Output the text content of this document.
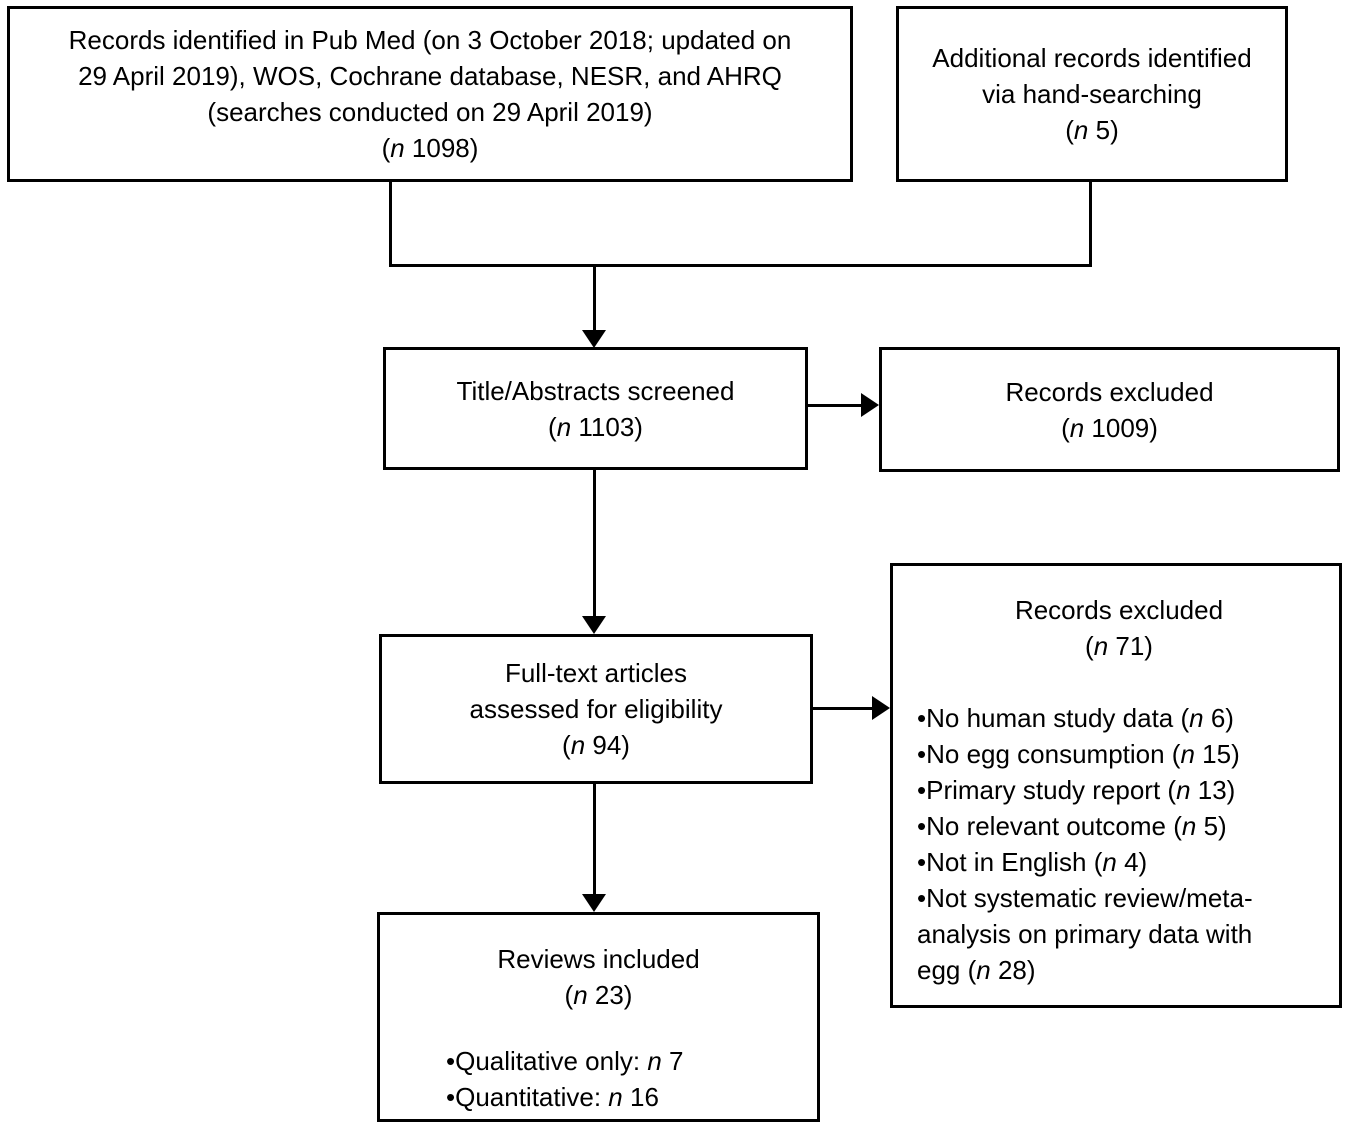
Records identified in Pub Med (on 3 October 2018; updated on
29 April 2019), WOS, Cochrane database, NESR, and AHRQ
(searches conducted on 29 April 2019)
(n 1098)
Additional records identified
via hand-searching
(n 5)
Title/Abstracts screened
(n 1103)
Records excluded
(n 1009)
Full-text articles
assessed for eligibility
(n 94)
Records excluded
(n 71)
•No human study data (n 6)
•No egg consumption (n 15)
•Primary study report (n 13)
•No relevant outcome (n 5)
•Not in English (n 4)
•Not systematic review/meta-
analysis on primary data with
egg (n 28)
Reviews included
(n 23)
•Qualitative only: n 7
•Quantitative: n 16
